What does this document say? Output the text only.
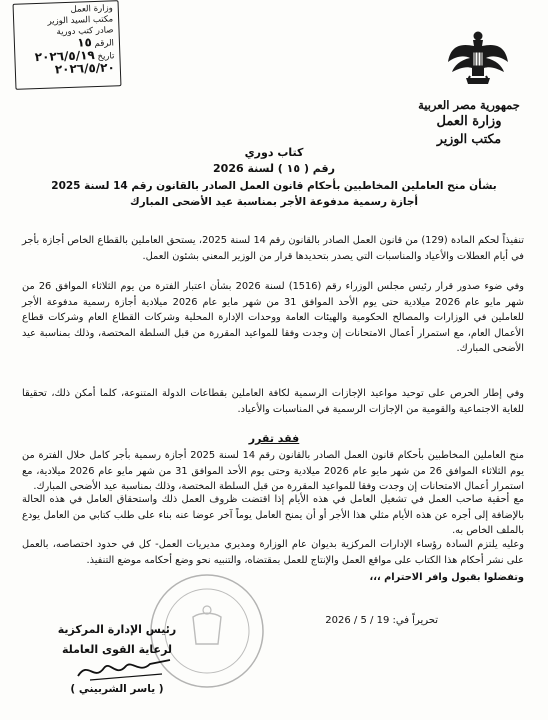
وزارة العمل
مكتب السيد الوزير
صادر كتب دورية
الرقم ١٥
تاريخ ٢٠٢٦/٥/١٩
٢٠٢٦/٥/٢٠
جمهورية مصر العربية
وزارة العمل
مكتب الوزير
كتاب دوري
رقم ( ١٥ ) لسنة 2026
بشأن منح العاملين المخاطبين بأحكام قانون العمل الصادر بالقانون رقم 14 لسنة 2025
أجازة رسمية مدفوعة الأجر بمناسبة عيد الأضحى المبارك
تنفيذاً لحكم المادة (129) من قانون العمل الصادر بالقانون رقم 14 لسنة 2025، يستحق العاملين بالقطاع الخاص أجازة بأجر في أيام العطلات والأعياد والمناسبات التي يصدر بتحديدها قرار من الوزير المعني بشئون العمل.
وفي ضوء صدور قرار رئيس مجلس الوزراء رقم (1516) لسنة 2026 بشأن اعتبار الفترة من يوم الثلاثاء الموافق 26 من شهر مايو عام 2026 ميلادية حتى يوم الأحد الموافق 31 من شهر مايو عام 2026 ميلادية أجازة رسمية مدفوعة الأجر للعاملين في الوزارات والمصالح الحكومية والهيئات العامة ووحدات الإدارة المحلية وشركات القطاع العام وشركات قطاع الأعمال العام، مع استمرار أعمال الامتحانات إن وجدت وفقا للمواعيد المقررة من قبل السلطة المختصة، وذلك بمناسبة عيد الأضحى المبارك.
وفي إطار الحرص على توحيد مواعيد الإجازات الرسمية لكافة العاملين بقطاعات الدولة المتنوعة، كلما أمكن ذلك، تحقيقا للغاية الاجتماعية والقومية من الإجازات الرسمية في المناسبات والأعياد.
فقد تقرر
منح العاملين المخاطبين بأحكام قانون العمل الصادر بالقانون رقم 14 لسنة 2025 أجازة رسمية بأجر كامل خلال الفترة من يوم الثلاثاء الموافق 26 من شهر مايو عام 2026 ميلادية وحتى يوم الأحد الموافق 31 من شهر مايو عام 2026 ميلادية، مع استمرار أعمال الامتحانات إن وجدت وفقا للمواعيد المقررة من قبل السلطة المختصة، وذلك بمناسبة عيد الأضحى المبارك.
مع أحقية صاحب العمل في تشغيل العامل في هذه الأيام إذا اقتضت ظروف العمل ذلك واستحقاق العامل في هذه الحالة بالإضافة إلى أجره عن هذه الأيام مثلي هذا الأجر أو أن يمنح العامل يوماً آخر عوضا عنه بناء على طلب كتابي من العامل يودع بالملف الخاص به.
وعليه يلتزم السادة رؤساء الإدارات المركزية بديوان عام الوزارة ومديري مديريات العمل- كل في حدود اختصاصه، بالعمل على نشر أحكام هذا الكتاب على مواقع العمل والإنتاج للعمل بمقتضاه، والتنبيه نحو وضع أحكامه موضع التنفيذ.
وتفضلوا بقبول وافر الاحترام ،،،
تحريراً في: 19 / 5 / 2026
رئيس الإدارة المركزية
لرعاية القوى العاملة
( ياسر الشربيني )
